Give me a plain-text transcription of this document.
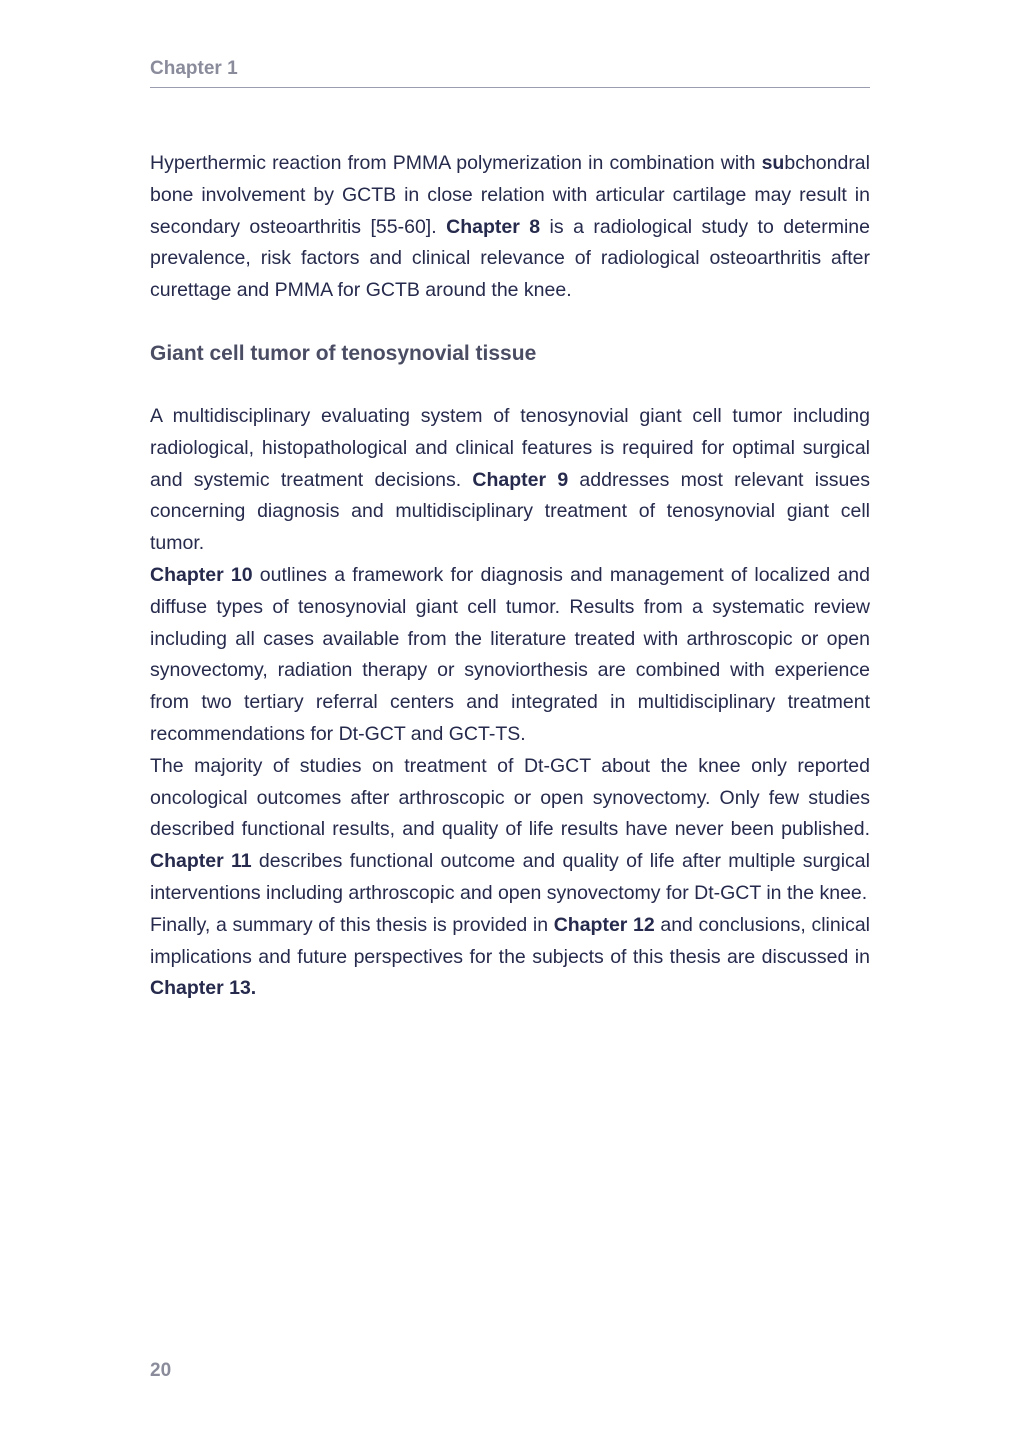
Chapter 1

Hyperthermic reaction from PMMA polymerization in combination with subchondral bone involvement by GCTB in close relation with articular cartilage may result in secondary osteoarthritis [55-60]. Chapter 8 is a radiological study to determine prevalence, risk factors and clinical relevance of radiological osteoarthritis after curettage and PMMA for GCTB around the knee.

Giant cell tumor of tenosynovial tissue

A multidisciplinary evaluating system of tenosynovial giant cell tumor including radiological, histopathological and clinical features is required for optimal surgical and systemic treatment decisions. Chapter 9 addresses most relevant issues concerning diagnosis and multidisciplinary treatment of tenosynovial giant cell tumor.

Chapter 10 outlines a framework for diagnosis and management of localized and diffuse types of tenosynovial giant cell tumor. Results from a systematic review including all cases available from the literature treated with arthroscopic or open synovectomy, radiation therapy or synoviorthesis are combined with experience from two tertiary referral centers and integrated in multidisciplinary treatment recommendations for Dt-GCT and GCT-TS.

The majority of studies on treatment of Dt-GCT about the knee only reported oncological outcomes after arthroscopic or open synovectomy. Only few studies described functional results, and quality of life results have never been published. Chapter 11 describes functional outcome and quality of life after multiple surgical interventions including arthroscopic and open synovectomy for Dt-GCT in the knee.

Finally, a summary of this thesis is provided in Chapter 12 and conclusions, clinical implications and future perspectives for the subjects of this thesis are discussed in Chapter 13.

20
